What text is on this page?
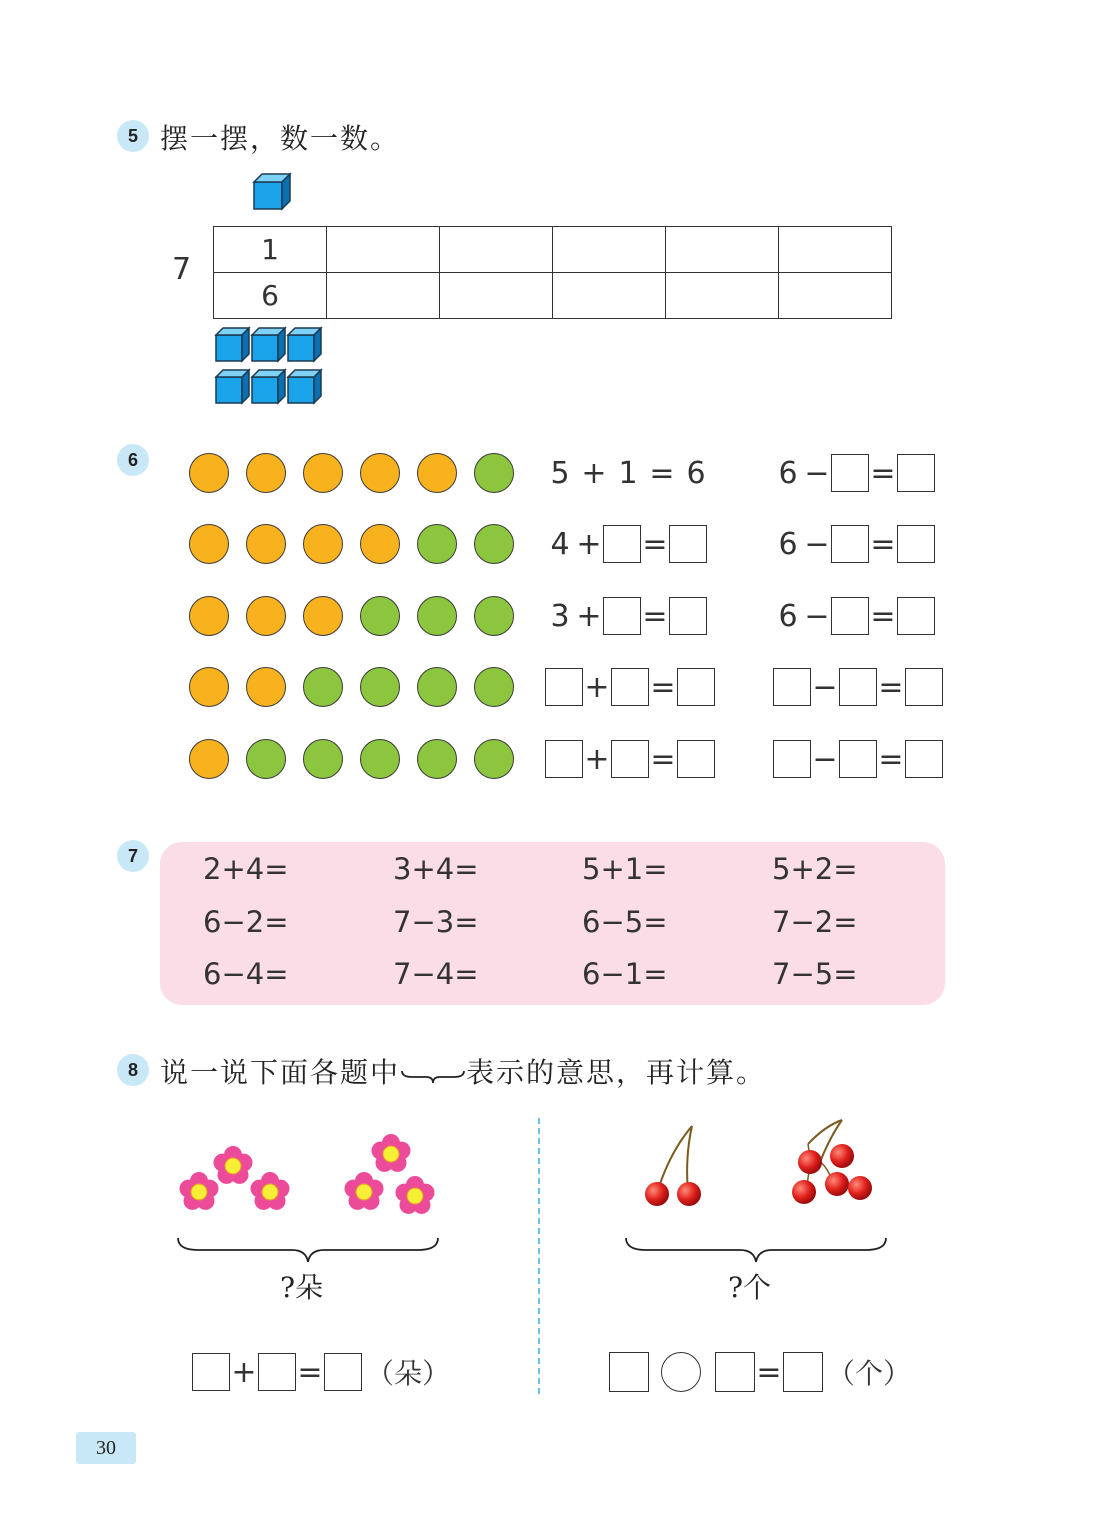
5 摆一摆，数一数。
7
1					
6					
6	5 + 1 = 6 6 − =
4 + =	6 − =
3 + =	6 − =
+ =	− =
+ =	− =
7	2+4=	3+4=	5+1=	5+2=
6−2=	7−3=	6−5=	7−2=
6−4=	7−4=	6−1=	7−5=
8 说一说下面各题中 表示的意思，再计算。
?朵
+ = （朵）
?个
= （个）
30
